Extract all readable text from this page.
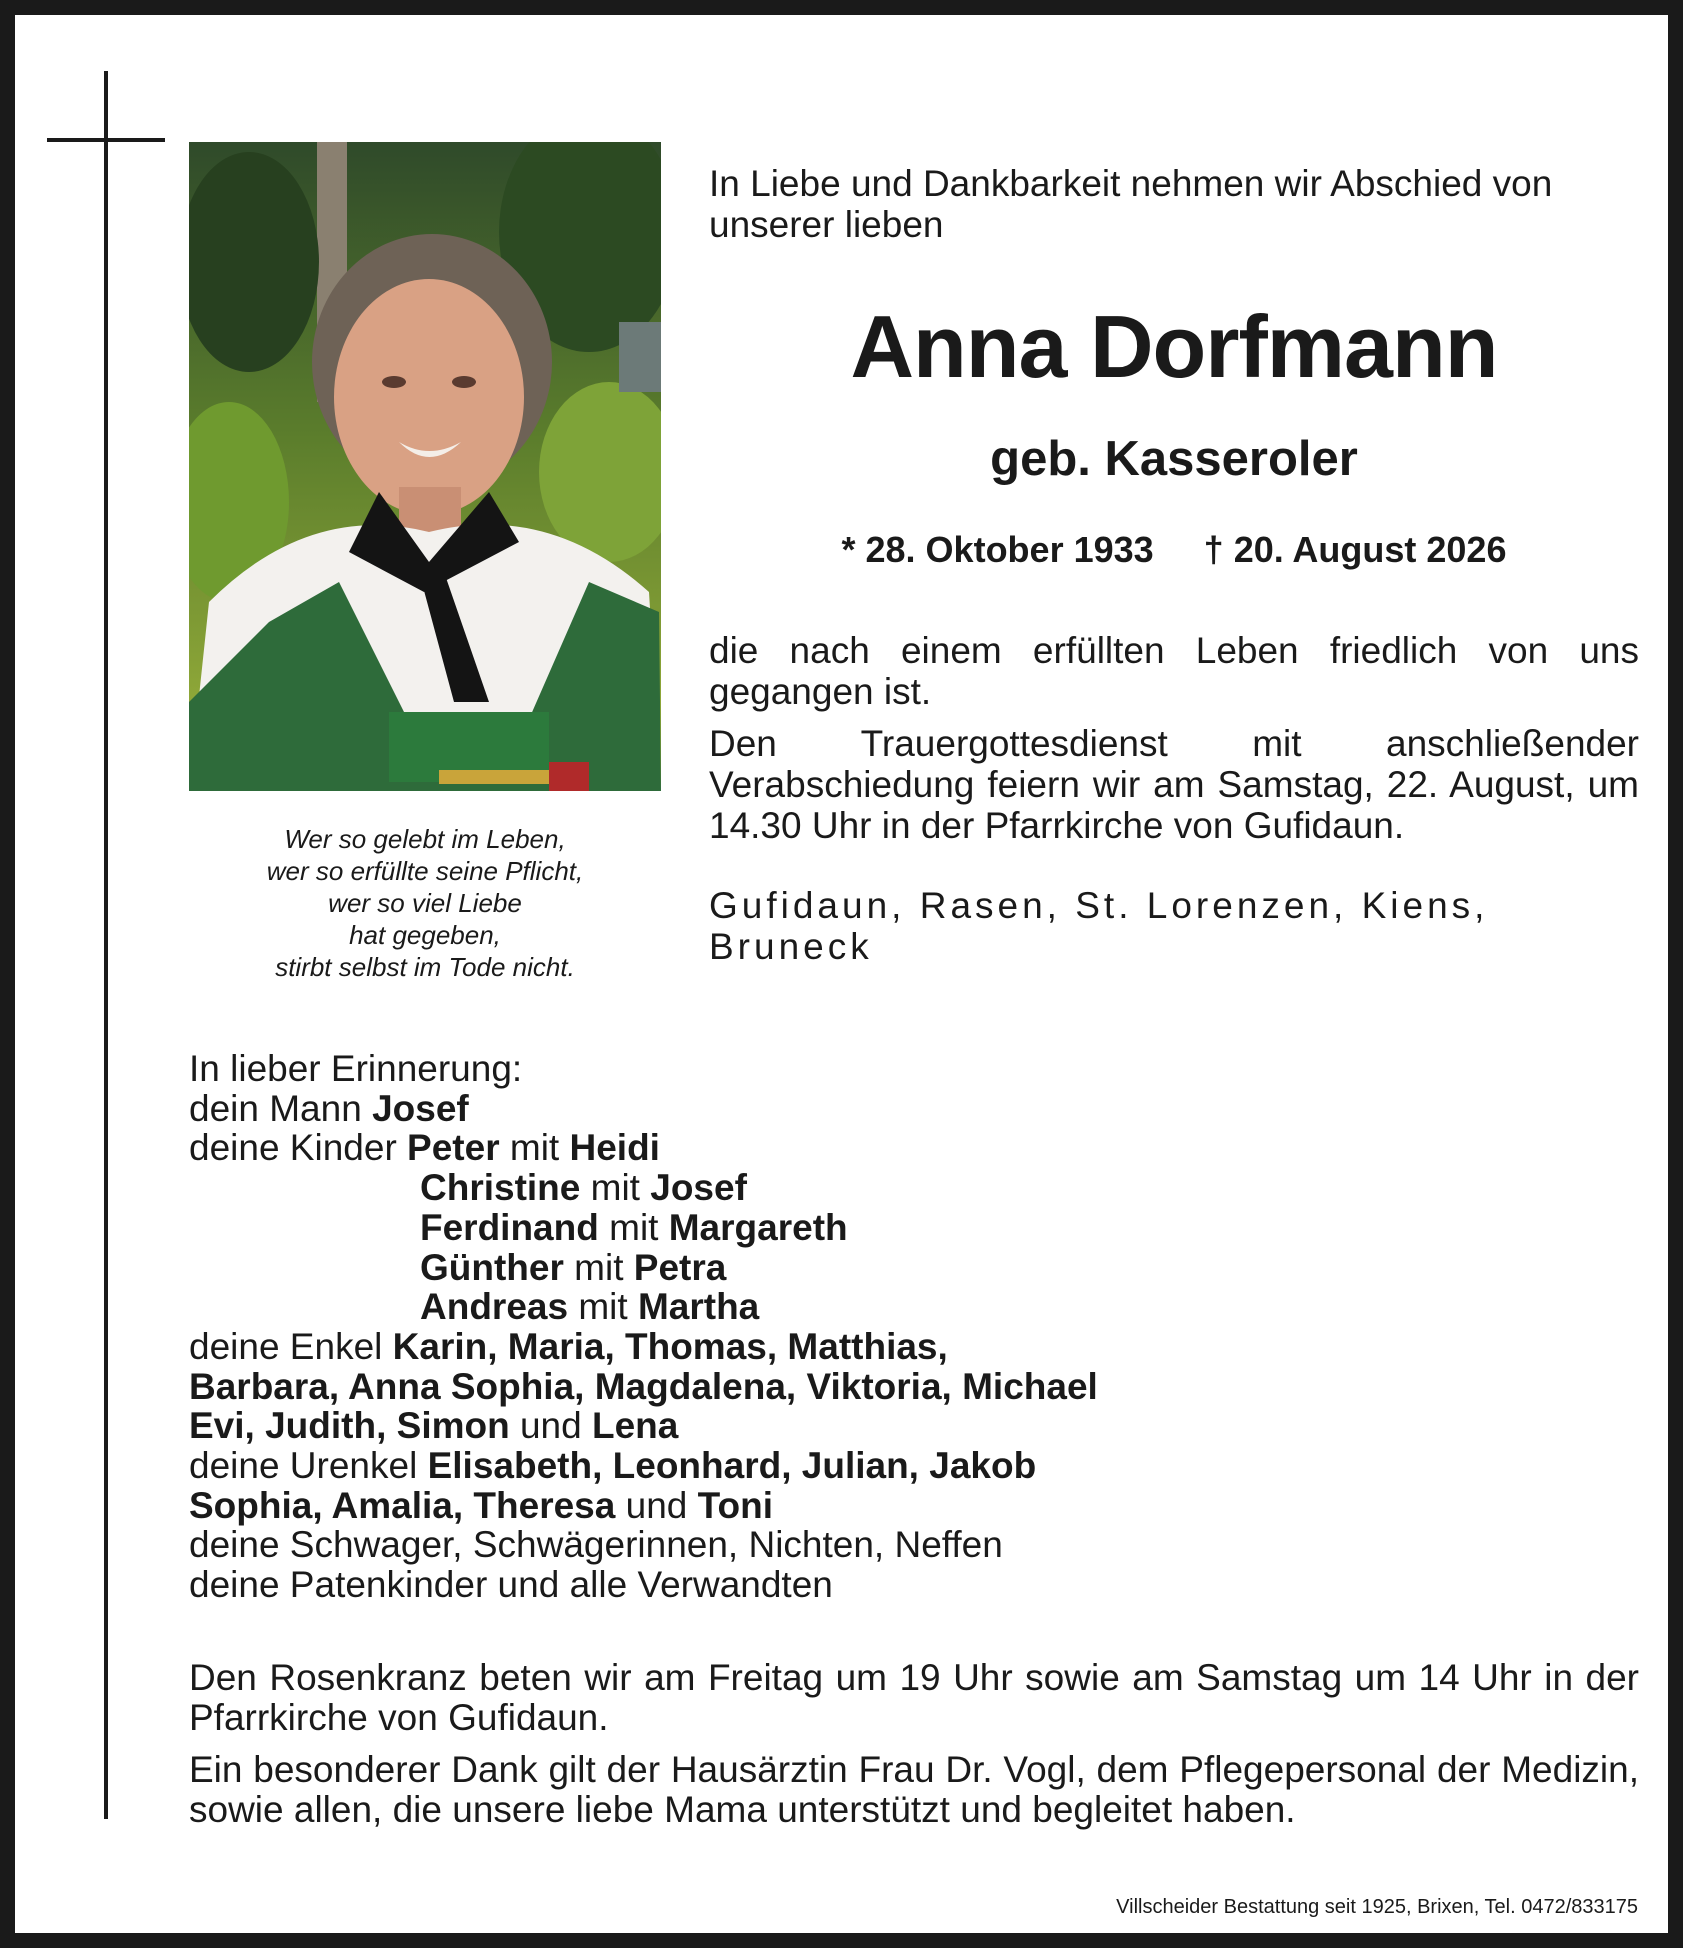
Wer so gelebt im Leben,
wer so erfüllte seine Pflicht,
wer so viel Liebe
hat gegeben,
stirbt selbst im Tode nicht.
In Liebe und Dankbarkeit nehmen wir Abschied von unserer lieben
Anna Dorfmann
geb. Kasseroler
* 28. Oktober 1933 † 20. August 2026
die nach einem erfüllten Leben friedlich von uns gegangen ist.
Den Trauergottesdienst mit anschließender Verabschiedung feiern wir am Samstag, 22. August, um 14.30 Uhr in der Pfarrkirche von Gufidaun.
Gufidaun, Rasen, St. Lorenzen, Kiens, Bruneck
In lieber Erinnerung:
dein Mann Josef
deine Kinder Peter mit Heidi
Christine mit Josef
Ferdinand mit Margareth
Günther mit Petra
Andreas mit Martha
deine Enkel Karin, Maria, Thomas, Matthias,
Barbara, Anna Sophia, Magdalena, Viktoria, Michael
Evi, Judith, Simon und Lena
deine Urenkel Elisabeth, Leonhard, Julian, Jakob
Sophia, Amalia, Theresa und Toni
deine Schwager, Schwägerinnen, Nichten, Neffen
deine Patenkinder und alle Verwandten
Den Rosenkranz beten wir am Freitag um 19 Uhr sowie am Samstag um 14 Uhr in der Pfarrkirche von Gufidaun.
Ein besonderer Dank gilt der Hausärztin Frau Dr. Vogl, dem Pflegepersonal der Medizin, sowie allen, die unsere liebe Mama unterstützt und begleitet haben.
Villscheider Bestattung seit 1925, Brixen, Tel. 0472/833175
